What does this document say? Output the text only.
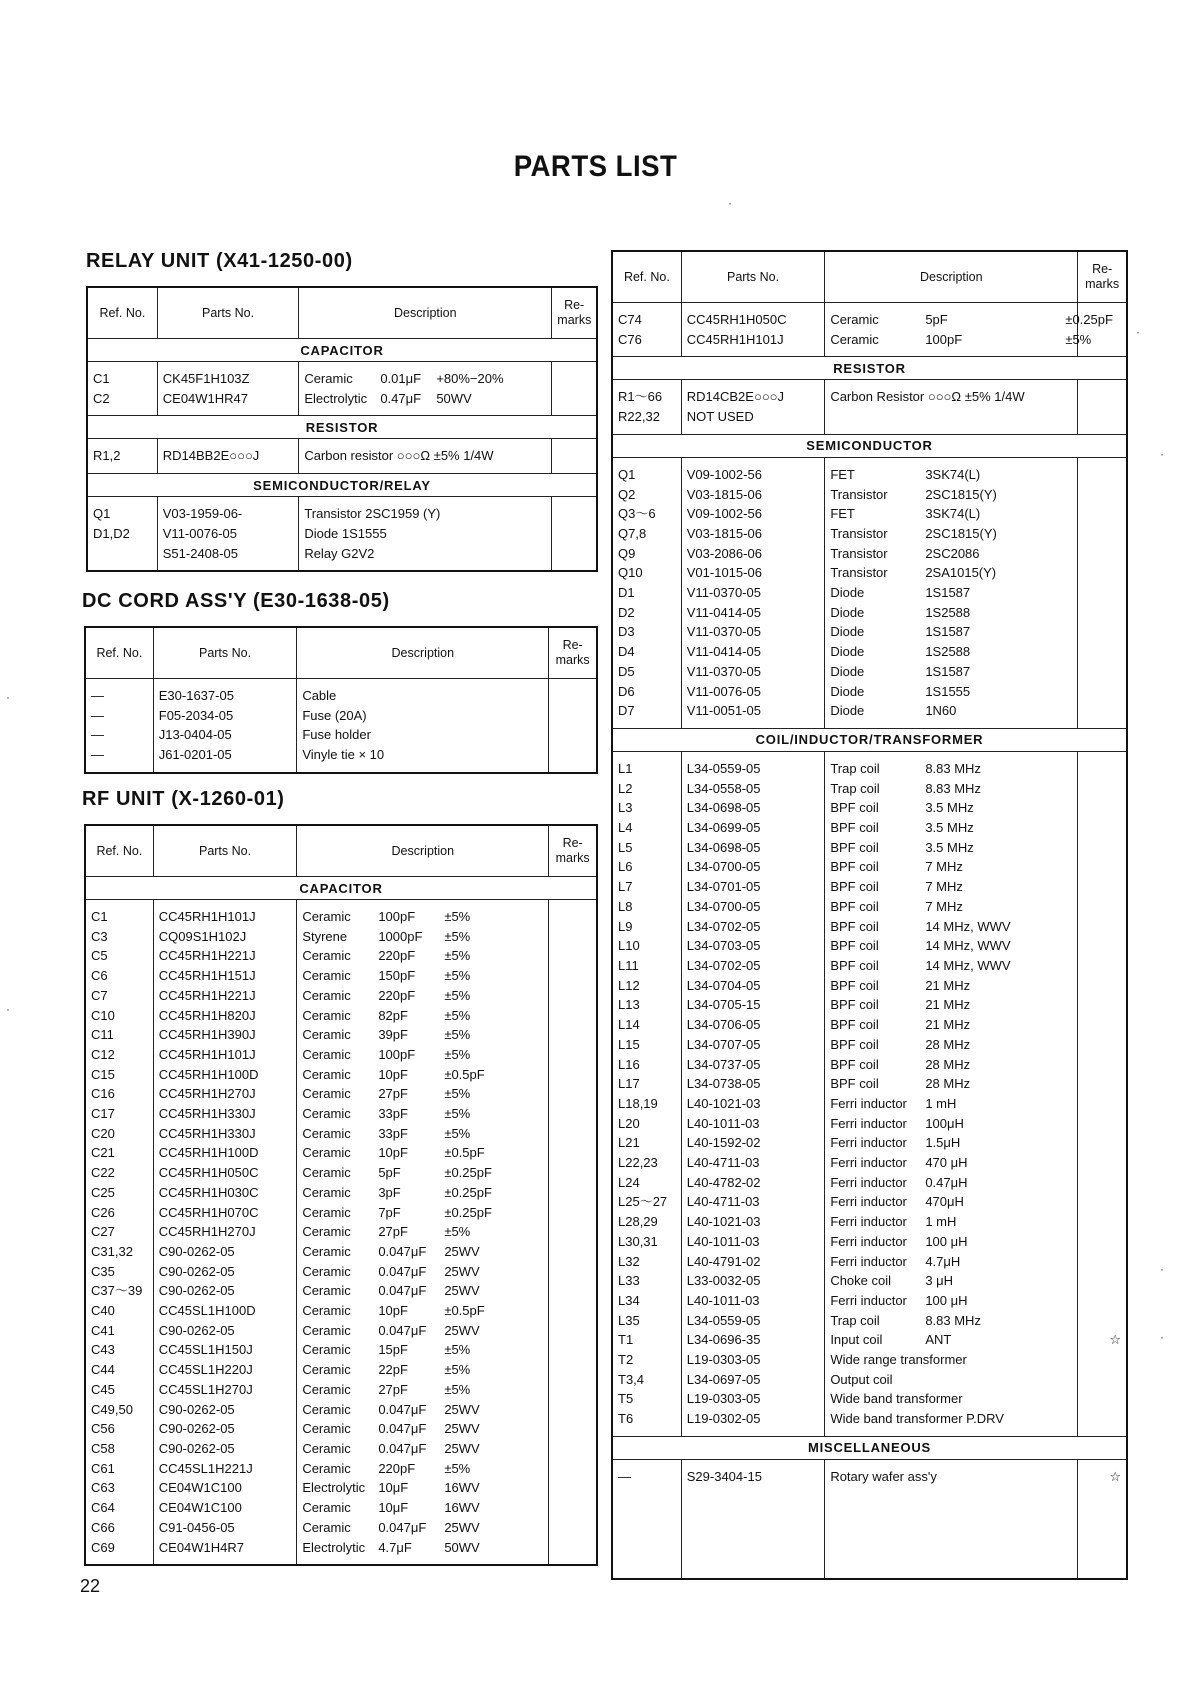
PARTS LIST
RELAY UNIT (X41-1250-00)
Ref. No.	Parts No.	Description	Re-
marks
CAPACITOR			

C1	CK45F1H103Z	Ceramic 0.01μF +80%−20%	
C2	CE04W1HR47	Electrolytic 0.47μF 50WV	

RESISTOR			

R1,2	RD14BB2E○○○J	Carbon resistor ○○○Ω ±5% 1/4W	

SEMICONDUCTOR/RELAY			

Q1	V03-1959-06-	Transistor 2SC1959 (Y)	
D1,D2	V11-0076-05	Diode 1S1555	
	S51-2408-05	Relay G2V2	

DC CORD ASS'Y (E30-1638-05)
Ref. No.	Parts No.	Description	Re-
marks

—	E30-1637-05	Cable	
—	F05-2034-05	Fuse (20A)	
—	J13-0404-05	Fuse holder	
—	J61-0201-05	Vinyle tie × 10	

RF UNIT (X-1260-01)
Ref. No.	Parts No.	Description	Re-
marks
CAPACITOR			

C1	CC45RH1H101J	Ceramic 100pF ±5%	
C3	CQ09S1H102J	Styrene 1000pF ±5%	
C5	CC45RH1H221J	Ceramic 220pF ±5%	
C6	CC45RH1H151J	Ceramic 150pF ±5%	
C7	CC45RH1H221J	Ceramic 220pF ±5%	
C10	CC45RH1H820J	Ceramic 82pF ±5%	
C11	CC45RH1H390J	Ceramic 39pF ±5%	
C12	CC45RH1H101J	Ceramic 100pF ±5%	
C15	CC45RH1H100D	Ceramic 10pF ±0.5pF	
C16	CC45RH1H270J	Ceramic 27pF ±5%	
C17	CC45RH1H330J	Ceramic 33pF ±5%	
C20	CC45RH1H330J	Ceramic 33pF ±5%	
C21	CC45RH1H100D	Ceramic 10pF ±0.5pF	
C22	CC45RH1H050C	Ceramic 5pF ±0.25pF	
C25	CC45RH1H030C	Ceramic 3pF ±0.25pF	
C26	CC45RH1H070C	Ceramic 7pF ±0.25pF	
C27	CC45RH1H270J	Ceramic 27pF ±5%	
C31,32	C90-0262-05	Ceramic 0.047μF 25WV	
C35	C90-0262-05	Ceramic 0.047μF 25WV	
C37～39	C90-0262-05	Ceramic 0.047μF 25WV	
C40	CC45SL1H100D	Ceramic 10pF ±0.5pF	
C41	C90-0262-05	Ceramic 0.047μF 25WV	
C43	CC45SL1H150J	Ceramic 15pF ±5%	
C44	CC45SL1H220J	Ceramic 22pF ±5%	
C45	CC45SL1H270J	Ceramic 27pF ±5%	
C49,50	C90-0262-05	Ceramic 0.047μF 25WV	
C56	C90-0262-05	Ceramic 0.047μF 25WV	
C58	C90-0262-05	Ceramic 0.047μF 25WV	
C61	CC45SL1H221J	Ceramic 220pF ±5%	
C63	CE04W1C100	Electrolytic 10μF 16WV	
C64	CE04W1C100	Ceramic 10μF 16WV	
C66	C91-0456-05	Ceramic 0.047μF 25WV	
C69	CE04W1H4R7	Electrolytic 4.7μF 50WV	

Ref. No.	Parts No.	Description	Re-
marks

C74	CC45RH1H050C	Ceramic 5pF ±0.25pF	
C76	CC45RH1H101J	Ceramic 100pF ±5%	

RESISTOR			

R1～66	RD14CB2E○○○J	Carbon Resistor ○○○Ω ±5% 1/4W	
R22,32	NOT USED		

SEMICONDUCTOR			

Q1	V09-1002-56	FET 3SK74(L)	
Q2	V03-1815-06	Transistor 2SC1815(Y)	
Q3～6	V09-1002-56	FET 3SK74(L)	
Q7,8	V03-1815-06	Transistor 2SC1815(Y)	
Q9	V03-2086-06	Transistor 2SC2086	
Q10	V01-1015-06	Transistor 2SA1015(Y)	
D1	V11-0370-05	Diode 1S1587	
D2	V11-0414-05	Diode 1S2588	
D3	V11-0370-05	Diode 1S1587	
D4	V11-0414-05	Diode 1S2588	
D5	V11-0370-05	Diode 1S1587	
D6	V11-0076-05	Diode 1S1555	
D7	V11-0051-05	Diode 1N60	

COIL/INDUCTOR/TRANSFORMER			

L1	L34-0559-05	Trap coil 8.83 MHz	
L2	L34-0558-05	Trap coil 8.83 MHz	
L3	L34-0698-05	BPF coil 3.5 MHz	
L4	L34-0699-05	BPF coil 3.5 MHz	
L5	L34-0698-05	BPF coil 3.5 MHz	
L6	L34-0700-05	BPF coil 7 MHz	
L7	L34-0701-05	BPF coil 7 MHz	
L8	L34-0700-05	BPF coil 7 MHz	
L9	L34-0702-05	BPF coil 14 MHz, WWV	
L10	L34-0703-05	BPF coil 14 MHz, WWV	
L11	L34-0702-05	BPF coil 14 MHz, WWV	
L12	L34-0704-05	BPF coil 21 MHz	
L13	L34-0705-15	BPF coil 21 MHz	
L14	L34-0706-05	BPF coil 21 MHz	
L15	L34-0707-05	BPF coil 28 MHz	
L16	L34-0737-05	BPF coil 28 MHz	
L17	L34-0738-05	BPF coil 28 MHz	
L18,19	L40-1021-03	Ferri inductor 1 mH	
L20	L40-1011-03	Ferri inductor 100μH	
L21	L40-1592-02	Ferri inductor 1.5μH	
L22,23	L40-4711-03	Ferri inductor 470 μH	
L24	L40-4782-02	Ferri inductor 0.47μH	
L25～27	L40-4711-03	Ferri inductor 470μH	
L28,29	L40-1021-03	Ferri inductor 1 mH	
L30,31	L40-1011-03	Ferri inductor 100 μH	
L32	L40-4791-02	Ferri inductor 4.7μH	
L33	L33-0032-05	Choke coil 3 μH	
L34	L40-1011-03	Ferri inductor 100 μH	
L35	L34-0559-05	Trap coil 8.83 MHz	
T1	L34-0696-35	Input coil ANT	☆
T2	L19-0303-05	Wide range transformer	
T3,4	L34-0697-05	Output coil	
T5	L19-0303-05	Wide band transformer	
T6	L19-0302-05	Wide band transformer P.DRV	

MISCELLANEOUS			

—	S29-3404-15	Rotary wafer ass'y	☆

22
·
·
·
·
·
·
·
